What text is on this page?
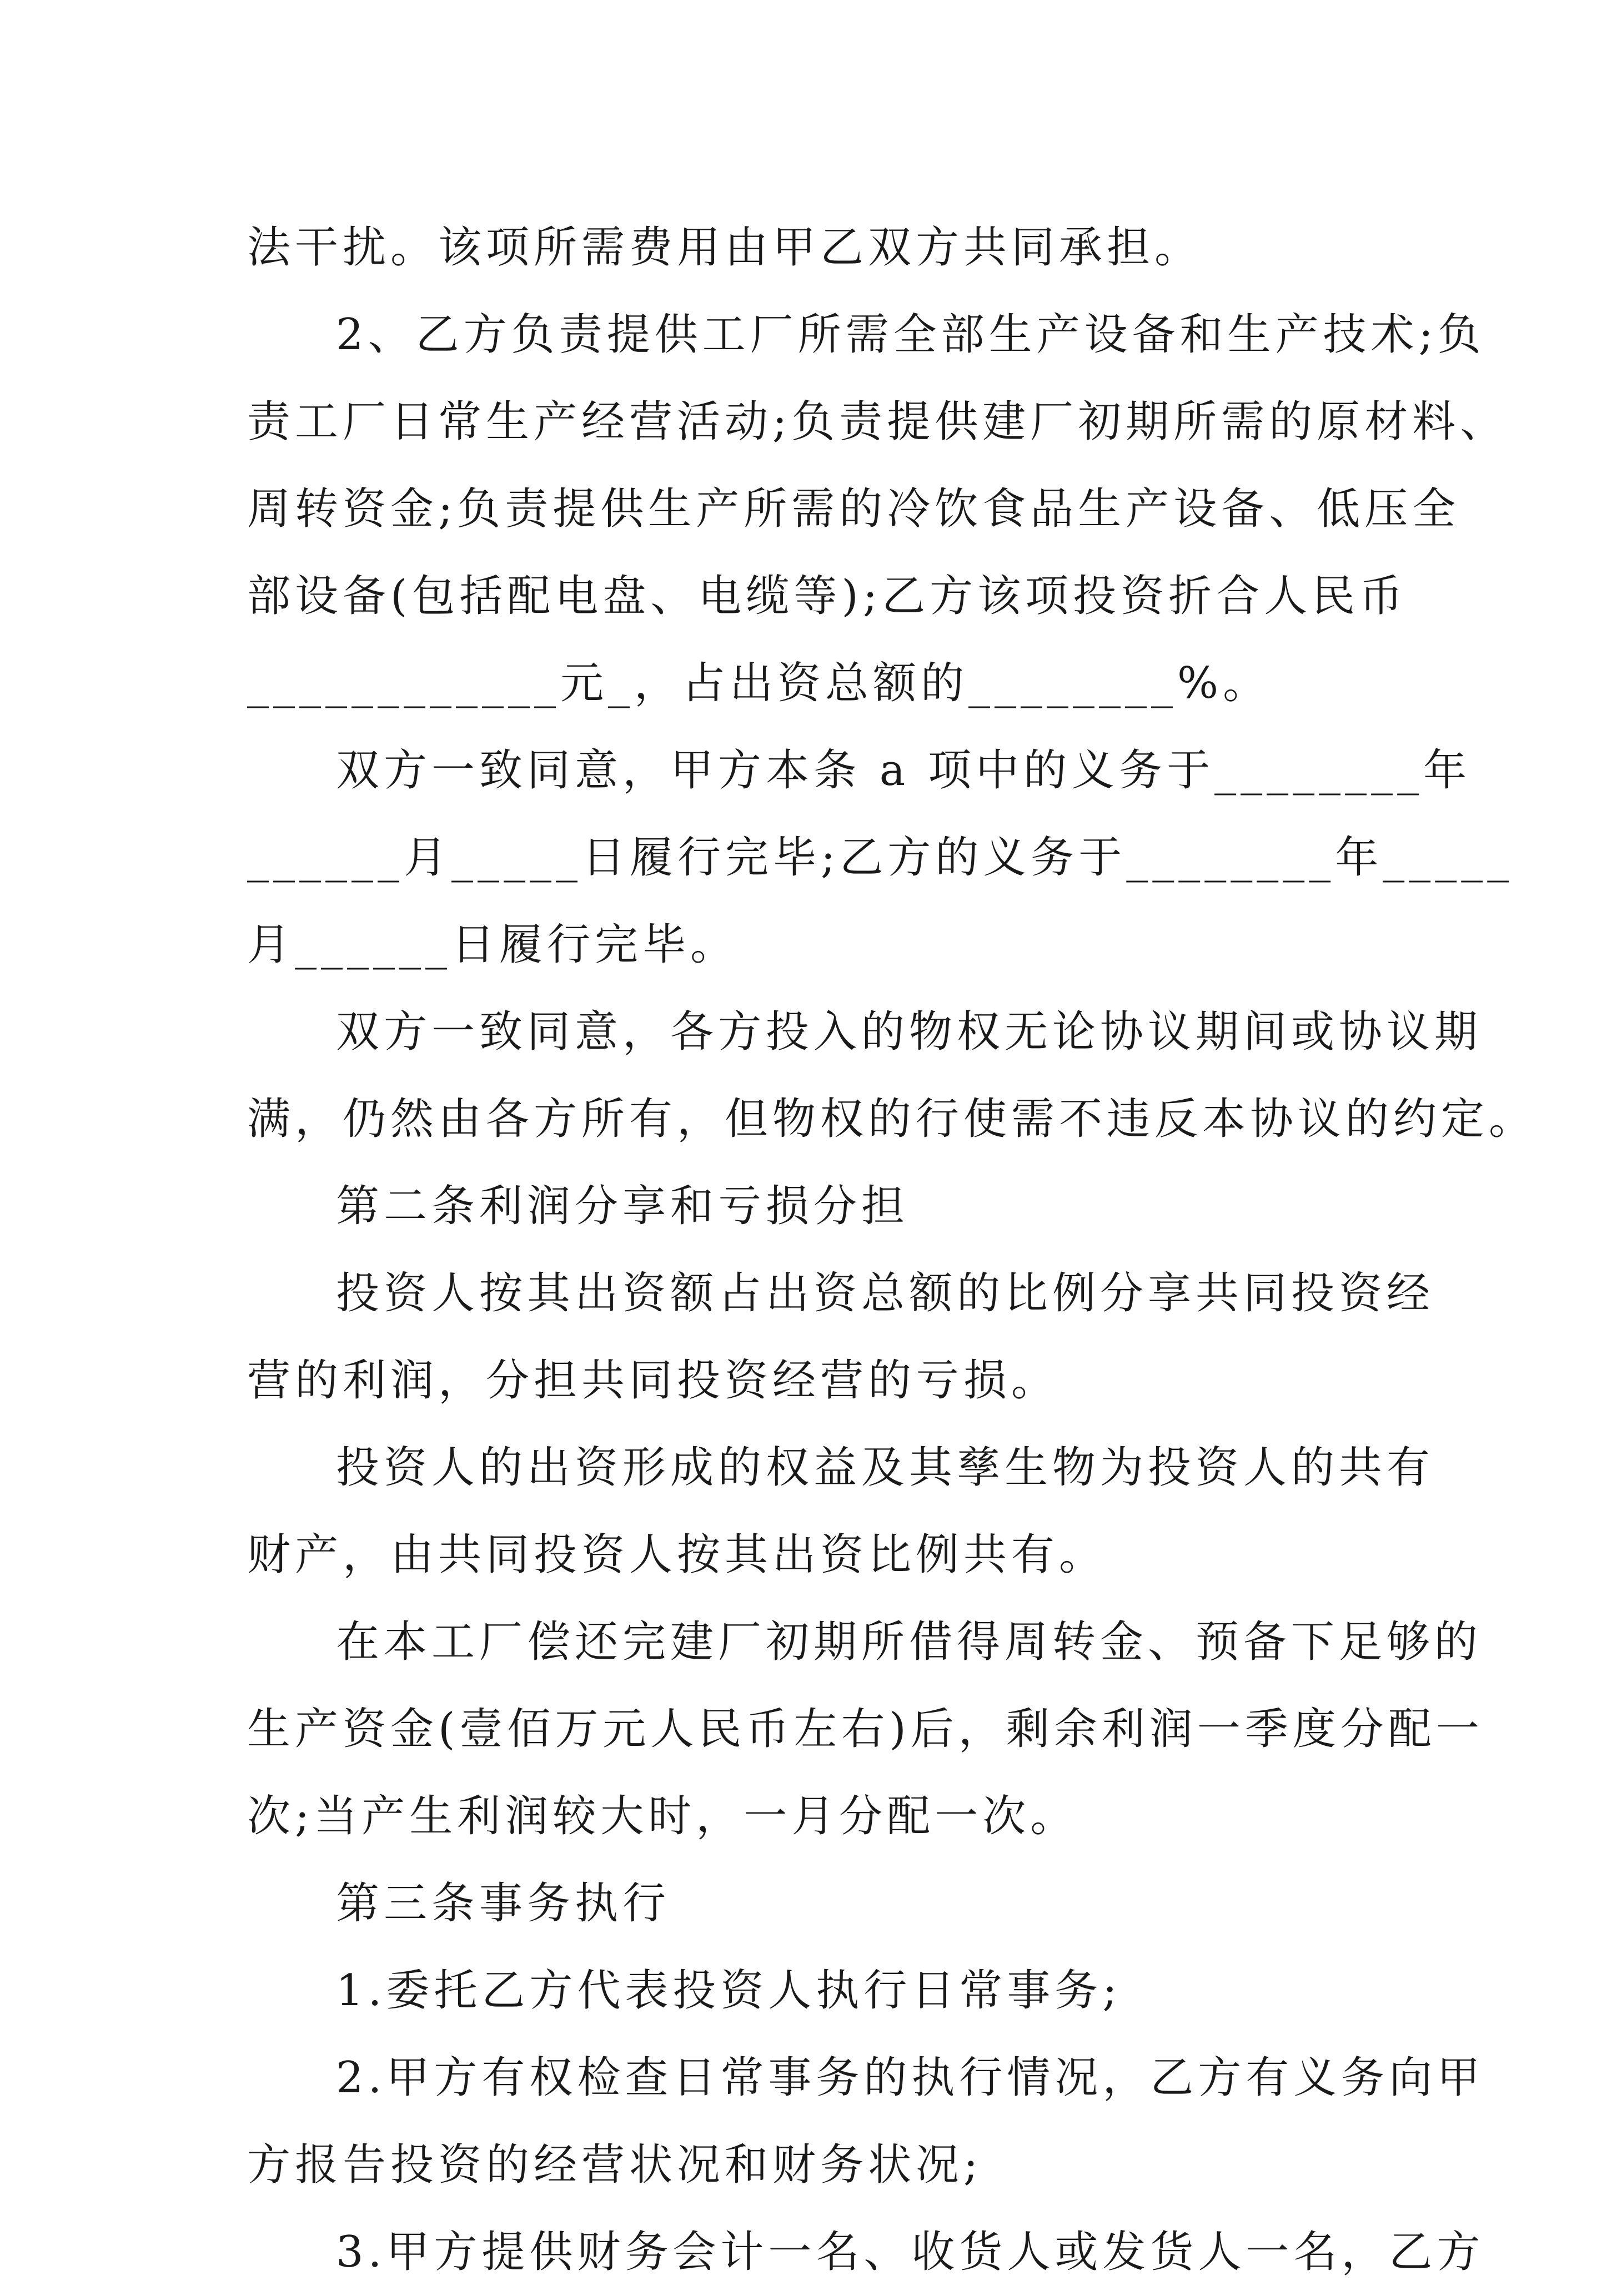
法干扰。该项所需费用由甲乙双方共同承担。
2、乙方负责提供工厂所需全部生产设备和生产技术;负
责工厂日常生产经营活动;负责提供建厂初期所需的原材料、
周转资金;负责提供生产所需的冷饮食品生产设备、低压全
部设备(包括配电盘、电缆等);乙方该项投资折合人民币
____________元_，占出资总额的________%。
双方一致同意，甲方本条 a 项中的义务于________年
______月_____日履行完毕;乙方的义务于________年_____
月______日履行完毕。
双方一致同意，各方投入的物权无论协议期间或协议期
满，仍然由各方所有，但物权的行使需不违反本协议的约定。
第二条利润分享和亏损分担
投资人按其出资额占出资总额的比例分享共同投资经
营的利润，分担共同投资经营的亏损。
投资人的出资形成的权益及其孳生物为投资人的共有
财产，由共同投资人按其出资比例共有。
在本工厂偿还完建厂初期所借得周转金、预备下足够的
生产资金(壹佰万元人民币左右)后，剩余利润一季度分配一
次;当产生利润较大时，一月分配一次。
第三条事务执行
1.委托乙方代表投资人执行日常事务;
2.甲方有权检查日常事务的执行情况，乙方有义务向甲
方报告投资的经营状况和财务状况;
3.甲方提供财务会计一名、收货人或发货人一名，乙方
